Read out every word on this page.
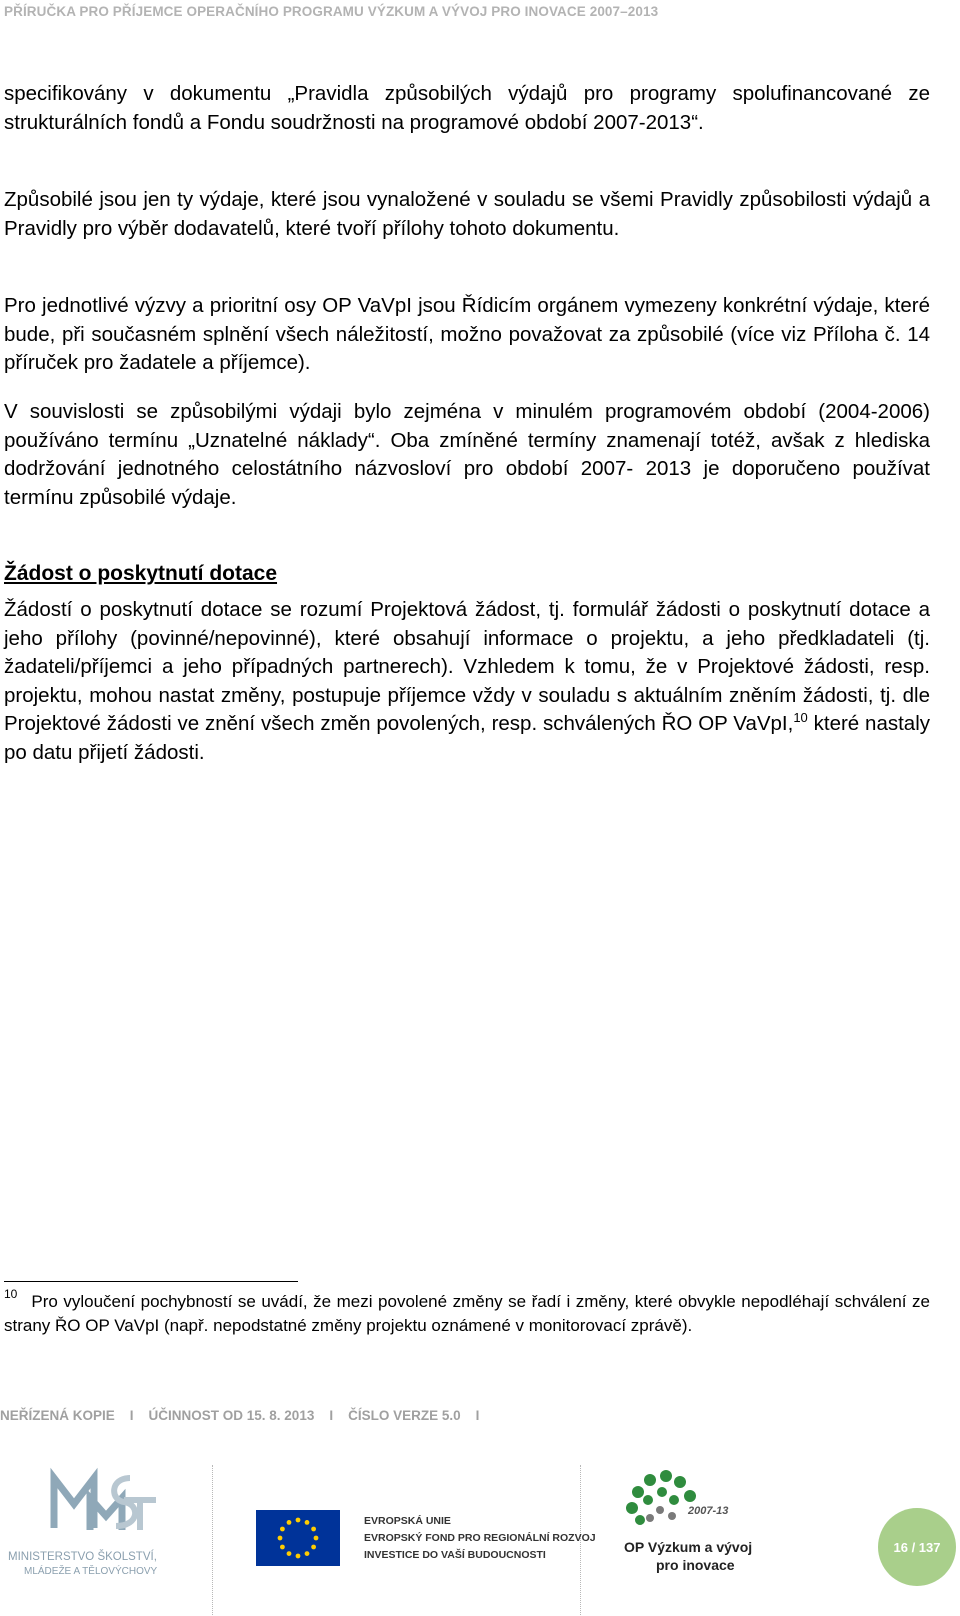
PŘÍRUČKA PRO PŘÍJEMCE OPERAČNÍHO PROGRAMU VÝZKUM A VÝVOJ PRO INOVACE 2007–2013

specifikovány v dokumentu „Pravidla způsobilých výdajů pro programy spolufinancované ze strukturálních fondů a Fondu soudržnosti na programové období 2007-2013“.

Způsobilé jsou jen ty výdaje, které jsou vynaložené v souladu se všemi Pravidly způsobilosti výdajů a Pravidly pro výběr dodavatelů, které tvoří přílohy tohoto dokumentu.

Pro jednotlivé výzvy a prioritní osy OP VaVpI jsou Řídicím orgánem vymezeny konkrétní výdaje, které bude, při současném splnění všech náležitostí, možno považovat za způsobilé (více viz Příloha č. 14 příruček pro žadatele a příjemce).

V souvislosti se způsobilými výdaji bylo zejména v minulém programovém období (2004-2006) používáno termínu „Uznatelné náklady“. Oba zmíněné termíny znamenají totéž, avšak z hlediska dodržování jednotného celostátního názvosloví pro období 2007- 2013 je doporučeno používat termínu způsobilé výdaje.

Žádost o poskytnutí dotace

Žádostí o poskytnutí dotace se rozumí Projektová žádost, tj. formulář žádosti o poskytnutí dotace a jeho přílohy (povinné/nepovinné), které obsahují informace o projektu, a jeho předkladateli (tj. žadateli/příjemci a jeho případných partnerech). Vzhledem k tomu, že v Projektové žádosti, resp. projektu, mohou nastat změny, postupuje příjemce vždy v souladu s aktuálním zněním žádosti, tj. dle Projektové žádosti ve znění všech změn povolených, resp. schválených ŘO OP VaVpI,$^{10}$ které nastaly po datu přijetí žádosti.

$^{10}$ Pro vyloučení pochybností se uvádí, že mezi povolené změny se řadí i změny, které obvykle nepodléhají schválení ze strany ŘO OP VaVpI (např. nepodstatné změny projektu oznámené v monitorovací zprávě).

NEŘÍZENÁ KOPIE    I    ÚČINNOST OD 15. 8. 2013    I    ČÍSLO VERZE 5.0    I
MINISTERSTVO ŠKOLSTVÍ,
MLÁDEŽE A TĚLOVÝCHOVY
EVROPSKÁ UNIE
EVROPSKÝ FOND PRO REGIONÁLNÍ ROZVOJ
INVESTICE DO VAŠÍ BUDOUCNOSTI
2007-13
OP Výzkum a vývoj
pro inovace
16 / 137
